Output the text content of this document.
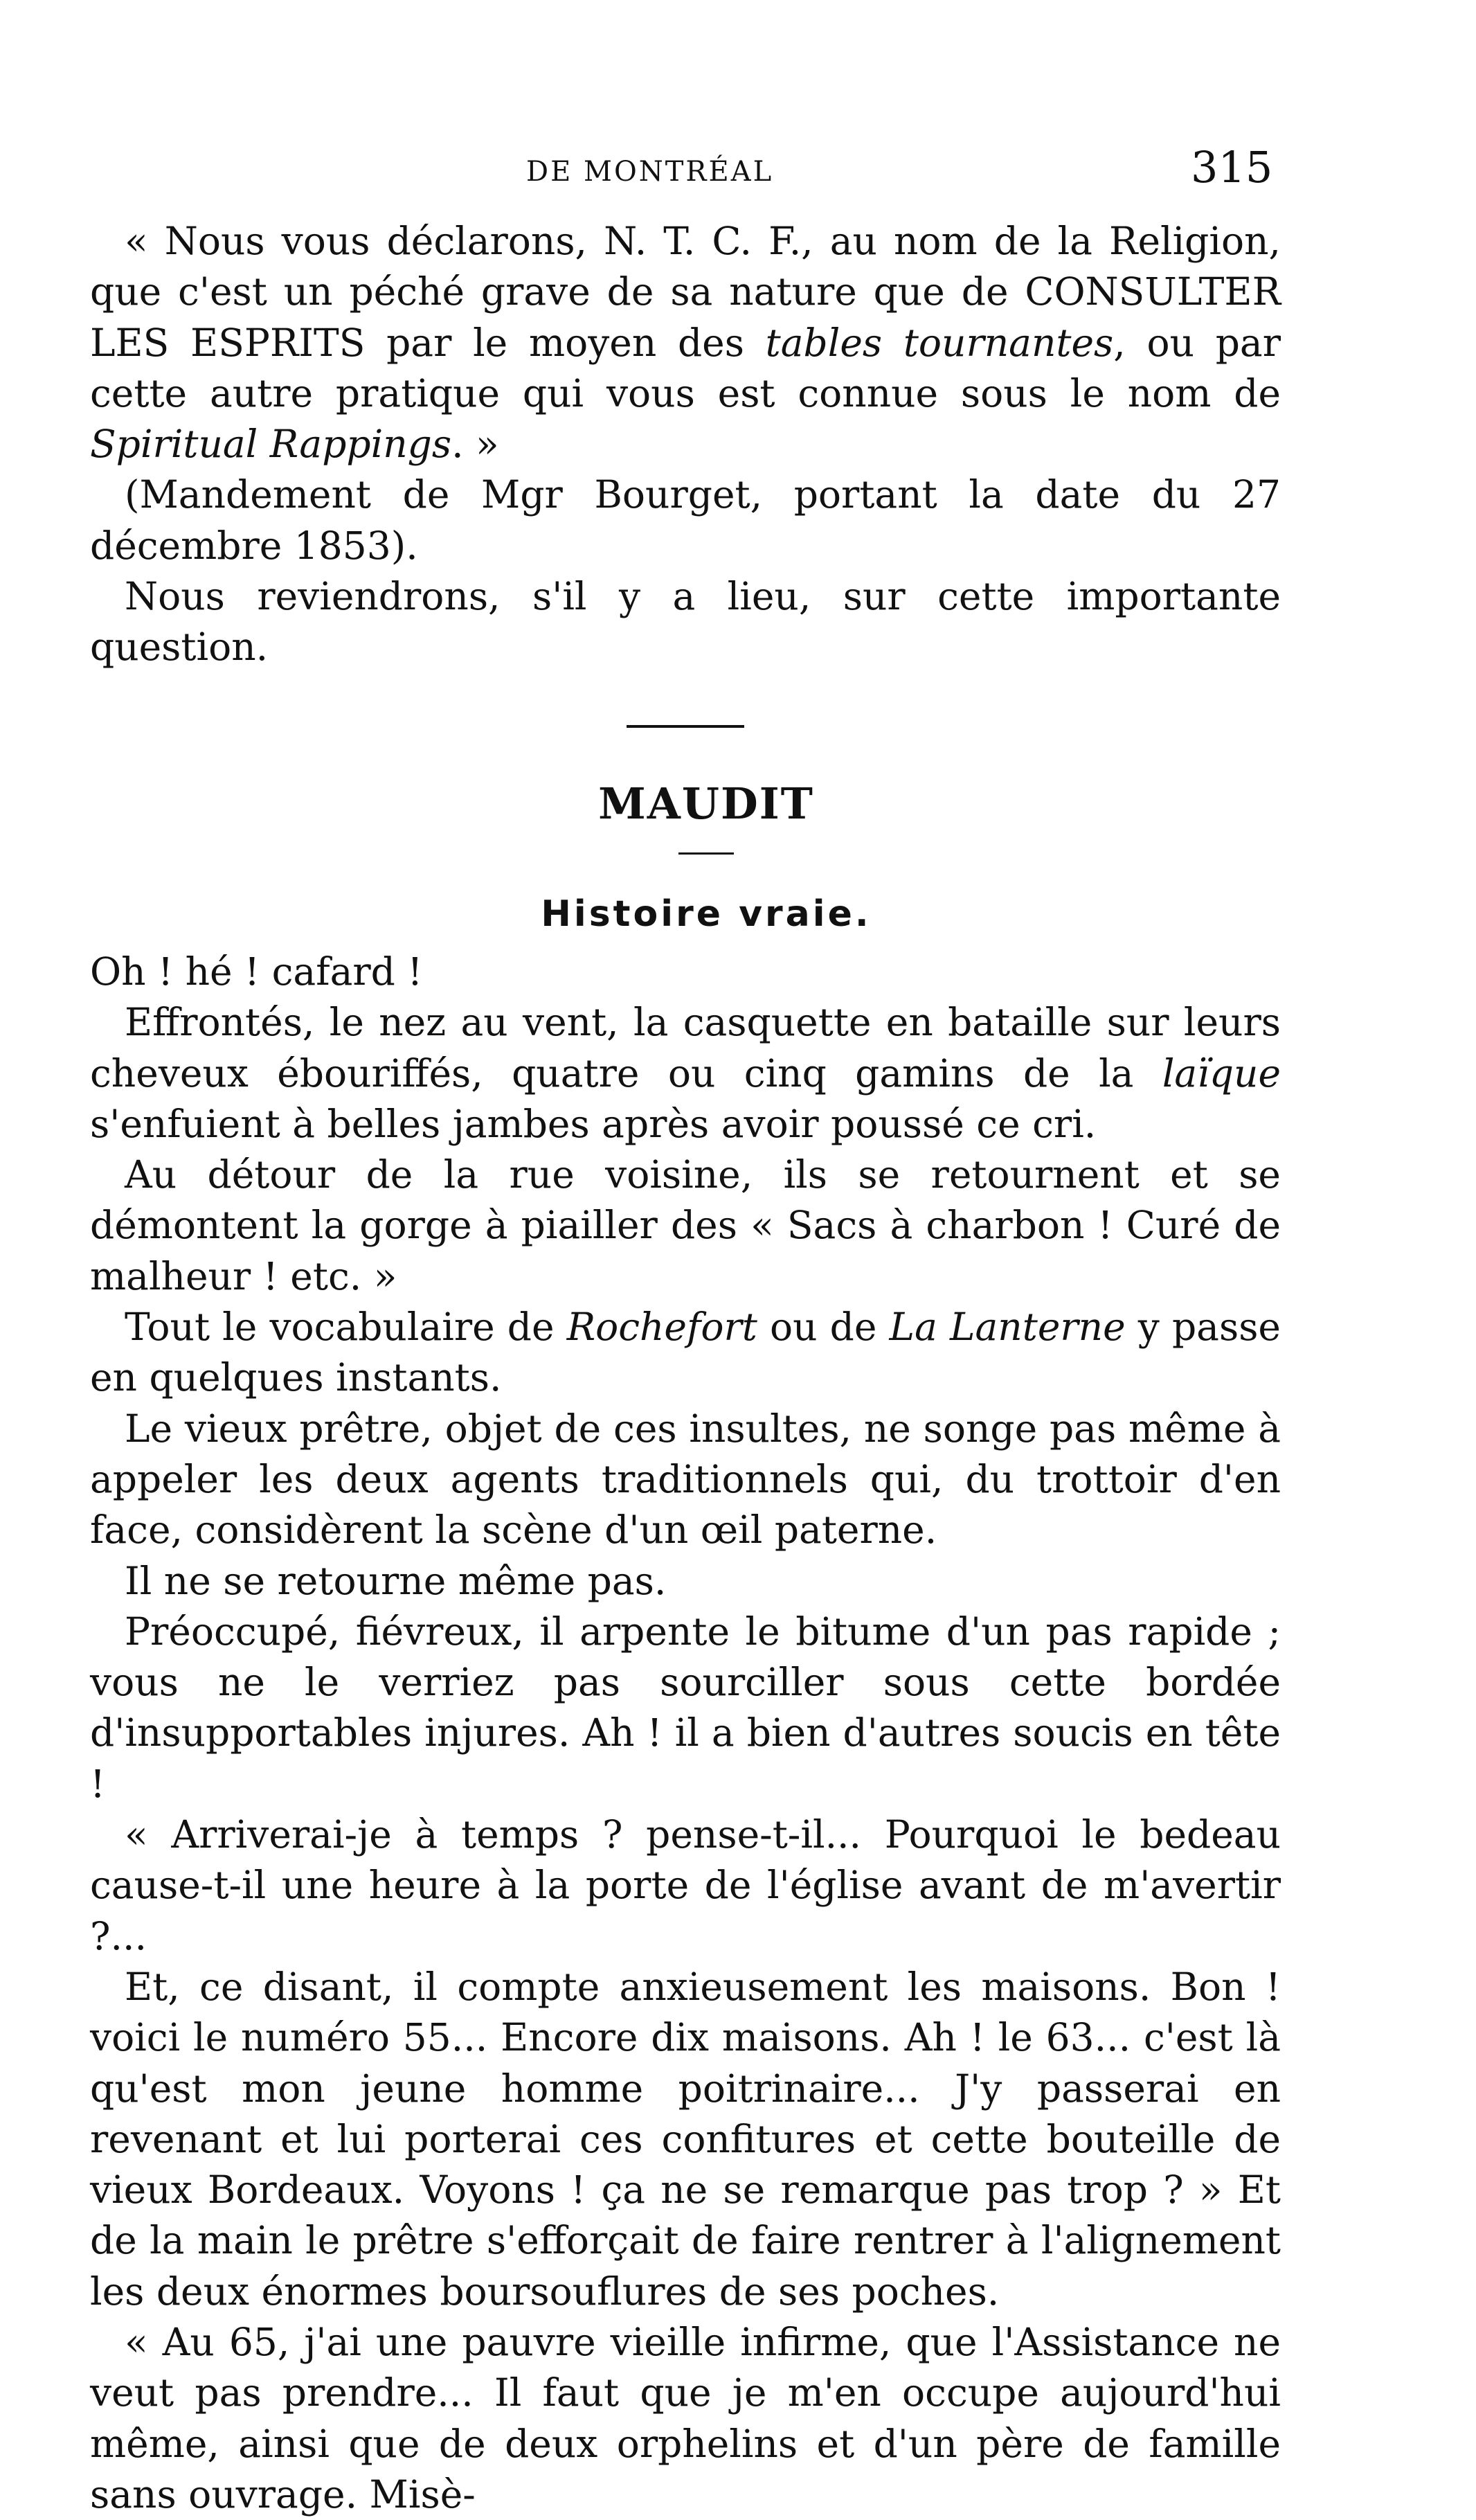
DE MONTRÉAL	315

« Nous vous déclarons, N. T. C. F., au nom de la Religion, que c'est un péché grave de sa nature que de CONSULTER LES ESPRITS par le moyen des tables tournantes, ou par cette autre pratique qui vous est connue sous le nom de Spiritual Rappings. »

(Mandement de Mgr Bourget, portant la date du 27 décembre 1853).

Nous reviendrons, s'il y a lieu, sur cette importante question.

MAUDIT
Histoire vraie.

Oh ! hé ! cafard !

Effrontés, le nez au vent, la casquette en bataille sur leurs cheveux ébouriffés, quatre ou cinq gamins de la laïque s'enfuient à belles jambes après avoir poussé ce cri.

Au détour de la rue voisine, ils se retournent et se démontent la gorge à piailler des « Sacs à charbon ! Curé de malheur ! etc. »

Tout le vocabulaire de Rochefort ou de La Lanterne y passe en quelques instants.

Le vieux prêtre, objet de ces insultes, ne songe pas même à appeler les deux agents traditionnels qui, du trottoir d'en face, considèrent la scène d'un œil paterne.

Il ne se retourne même pas.

Préoccupé, fiévreux, il arpente le bitume d'un pas rapide ; vous ne le verriez pas sourciller sous cette bordée d'insupportables injures. Ah ! il a bien d'autres soucis en tête !

« Arriverai-je à temps ? pense-t-il... Pourquoi le bedeau cause-t-il une heure à la porte de l'église avant de m'avertir ?...

Et, ce disant, il compte anxieusement les maisons. Bon ! voici le numéro 55... Encore dix maisons. Ah ! le 63... c'est là qu'est mon jeune homme poitrinaire... J'y passerai en revenant et lui porterai ces confitures et cette bouteille de vieux Bordeaux. Voyons ! ça ne se remarque pas trop ? » Et de la main le prêtre s'efforçait de faire rentrer à l'alignement les deux énormes boursouflures de ses poches.

« Au 65, j'ai une pauvre vieille infirme, que l'Assistance ne veut pas prendre... Il faut que je m'en occupe aujourd'hui même, ainsi que de deux orphelins et d'un père de famille sans ouvrage. Misè-
